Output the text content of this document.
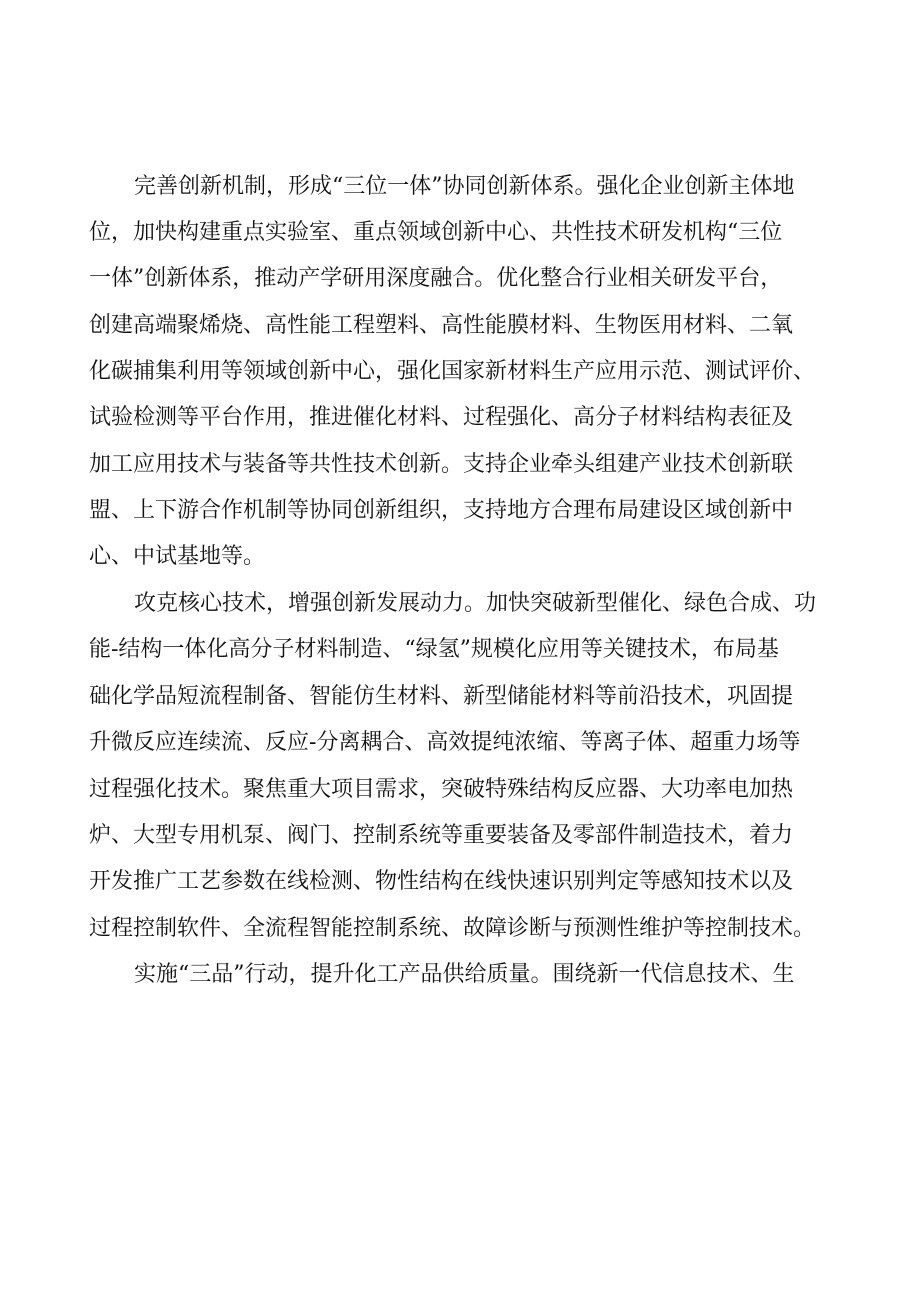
完善创新机制，形成“三位一体”协同创新体系。强化企业创新主体地

位，加快构建重点实验室、重点领域创新中心、共性技术研发机构“三位

一体”创新体系，推动产学研用深度融合。优化整合行业相关研发平台，

创建高端聚烯烧、高性能工程塑料、高性能膜材料、生物医用材料、二氧

化碳捕集利用等领域创新中心，强化国家新材料生产应用示范、测试评价、

试验检测等平台作用，推进催化材料、过程强化、高分子材料结构表征及

加工应用技术与装备等共性技术创新。支持企业牵头组建产业技术创新联

盟、上下游合作机制等协同创新组织，支持地方合理布局建设区域创新中

心、中试基地等。

攻克核心技术，增强创新发展动力。加快突破新型催化、绿色合成、功

能-结构一体化高分子材料制造、“绿氢”规模化应用等关键技术，布局基

础化学品短流程制备、智能仿生材料、新型储能材料等前沿技术，巩固提

升微反应连续流、反应-分离耦合、高效提纯浓缩、等离子体、超重力场等

过程强化技术。聚焦重大项目需求，突破特殊结构反应器、大功率电加热

炉、大型专用机泵、阀门、控制系统等重要装备及零部件制造技术，着力

开发推广工艺参数在线检测、物性结构在线快速识别判定等感知技术以及

过程控制软件、全流程智能控制系统、故障诊断与预测性维护等控制技术。

实施“三品”行动，提升化工产品供给质量。围绕新一代信息技术、生
